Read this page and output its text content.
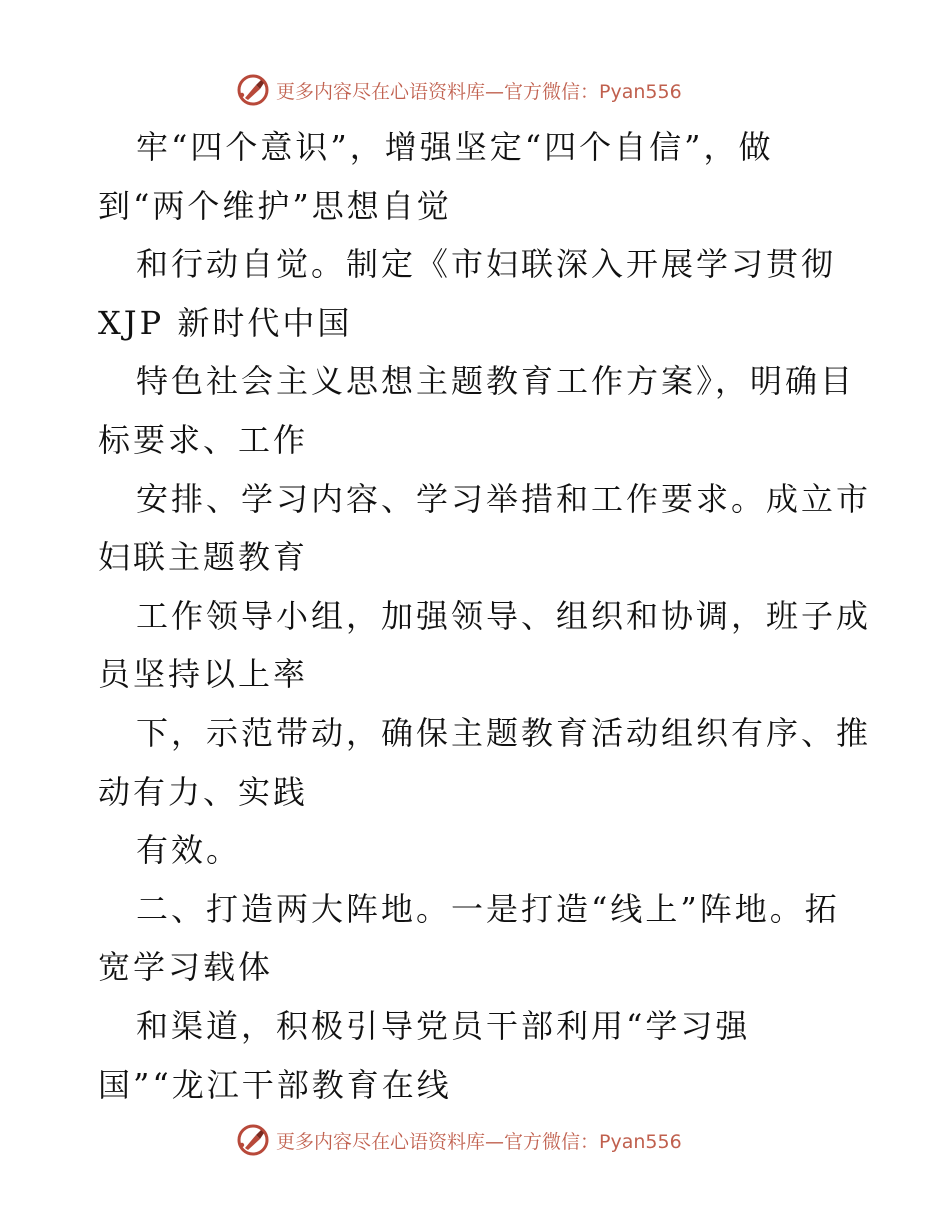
更多内容尽在心语资料库—官方微信：Pyan556
牢“四个意识”，增强坚定“四个自信”，做
到“两个维护”思想自觉
和行动自觉。制定《市妇联深入开展学习贯彻
XJP 新时代中国
特色社会主义思想主题教育工作方案》，明确目
标要求、工作
安排、学习内容、学习举措和工作要求。成立市
妇联主题教育
工作领导小组，加强领导、组织和协调，班子成
员坚持以上率
下，示范带动，确保主题教育活动组织有序、推
动有力、实践
有效。
二、打造两大阵地。一是打造“线上”阵地。拓
宽学习载体
和渠道，积极引导党员干部利用“学习强
国”“龙江干部教育在线
更多内容尽在心语资料库—官方微信：Pyan556
